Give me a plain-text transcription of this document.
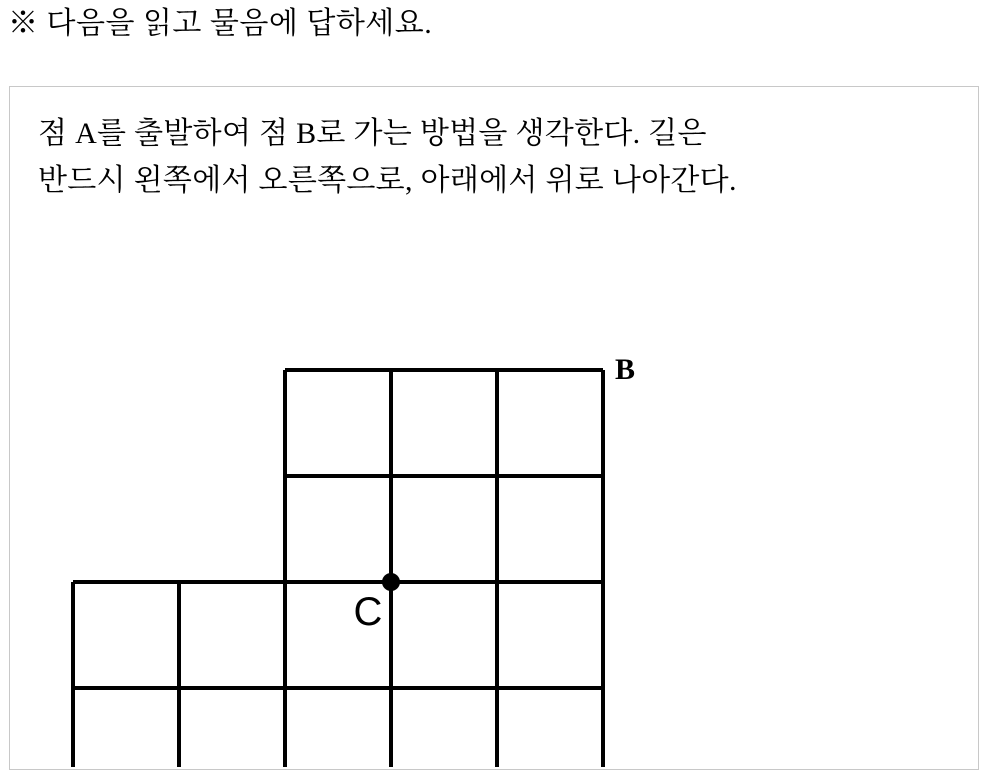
※ 다음을 읽고 물음에 답하세요.
점 A를 출발하여 점 B로 가는 방법을 생각한다. 길은
반드시 왼쪽에서 오른쪽으로, 아래에서 위로 나아간다.
B
C
